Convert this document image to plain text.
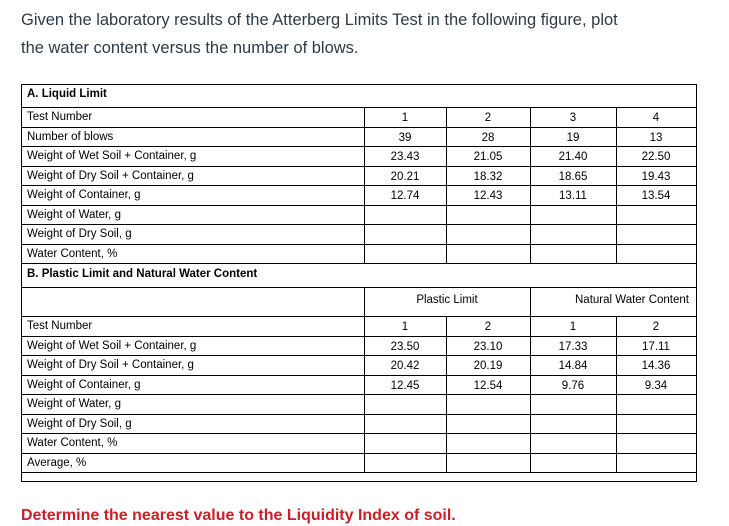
Given the laboratory results of the Atterberg Limits Test in the following figure, plot
the water content versus the number of blows.
A. Liquid Limit
Test Number	1	2	3	4
Number of blows	39	28	19	13
Weight of Wet Soil + Container, g	23.43	21.05	21.40	22.50
Weight of Dry Soil + Container, g	20.21	18.32	18.65	19.43
Weight of Container, g	12.74	12.43	13.11	13.54
Weight of Water, g
Weight of Dry Soil, g
Water Content, %
B. Plastic Limit and Natural Water Content
Plastic Limit	Natural Water Content
Test Number	1	2	1	2
Weight of Wet Soil + Container, g	23.50	23.10	17.33	17.11
Weight of Dry Soil + Container, g	20.42	20.19	14.84	14.36
Weight of Container, g	12.45	12.54	9.76	9.34
Weight of Water, g
Weight of Dry Soil, g
Water Content, %
Average, %
Determine the nearest value to the Liquidity Index of soil.
